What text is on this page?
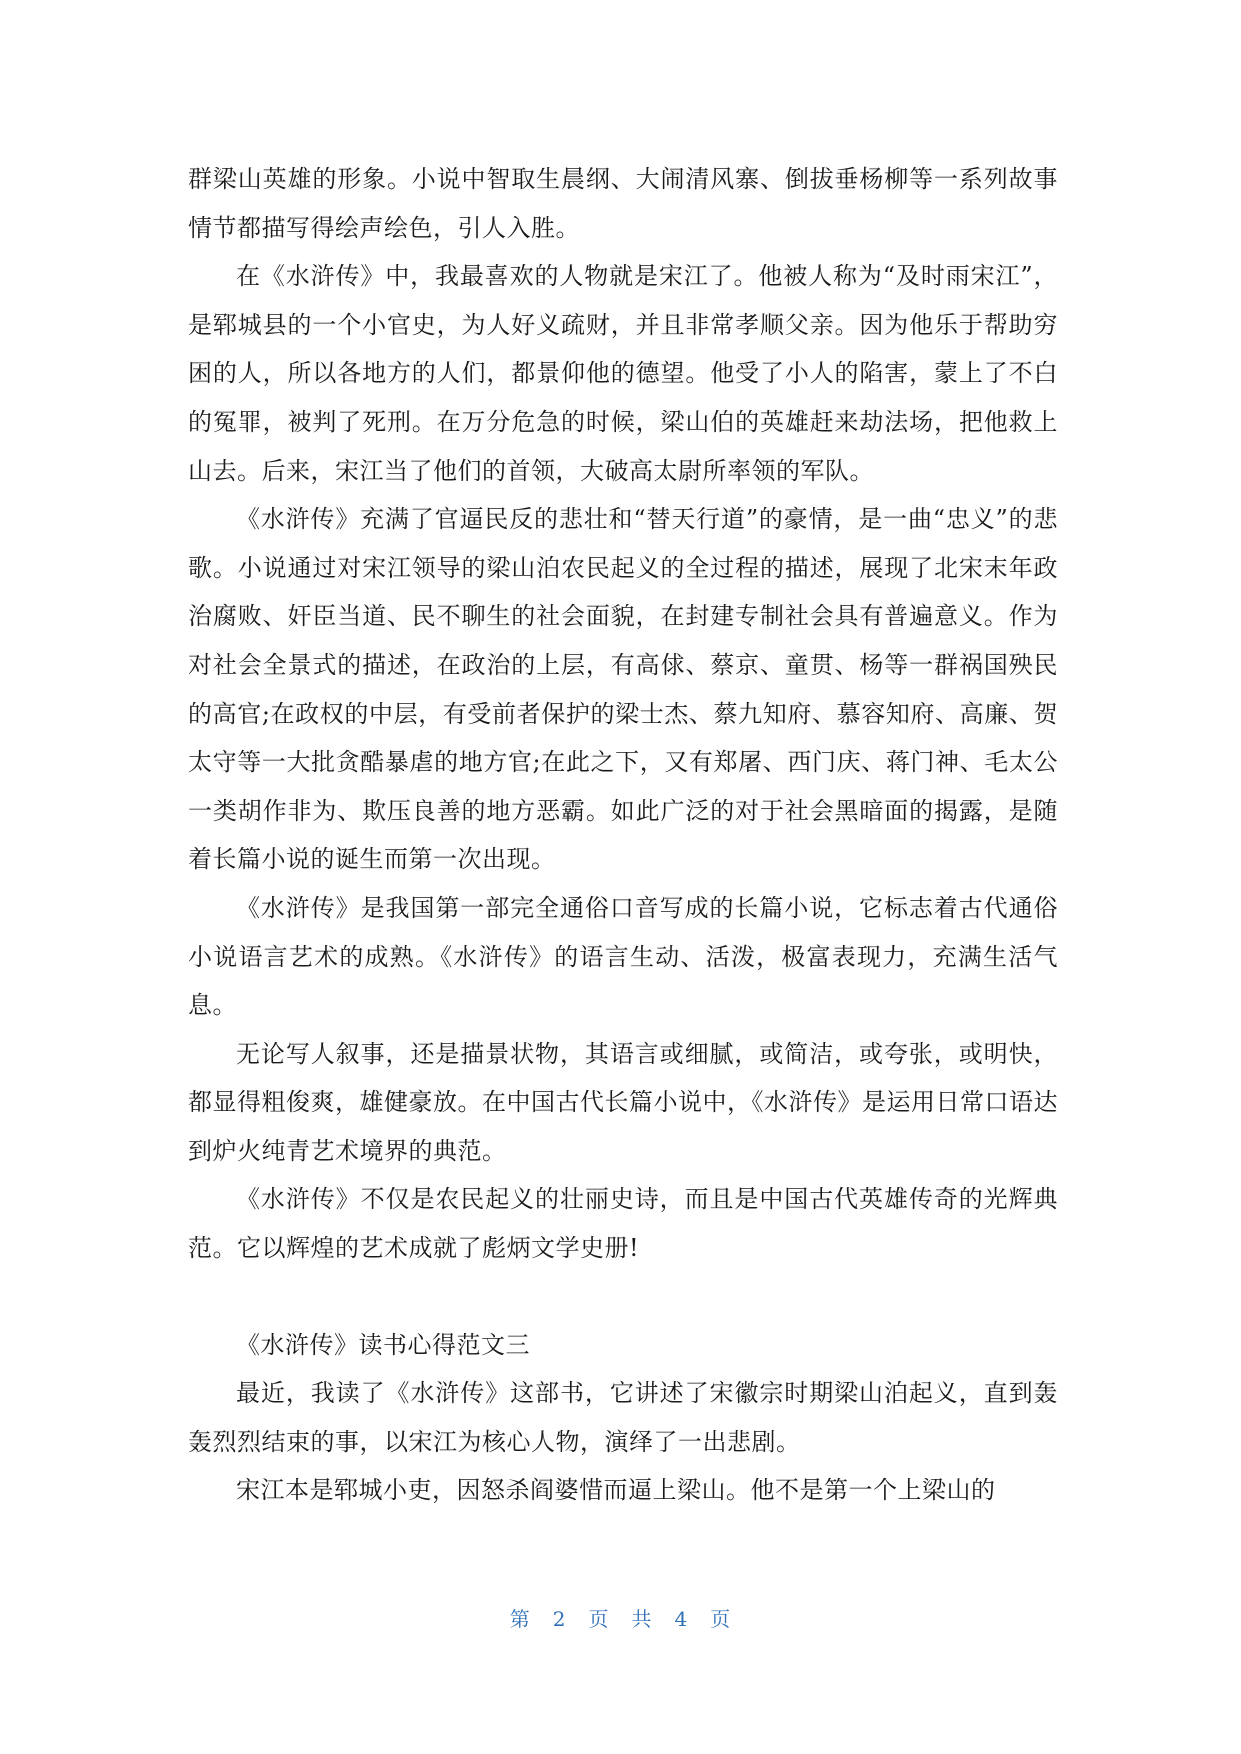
群梁山英雄的形象。小说中智取生晨纲、大闹清风寨、倒拔垂杨柳等一系列故事情节都描写得绘声绘色，引人入胜。

在《水浒传》中，我最喜欢的人物就是宋江了。他被人称为“及时雨宋江”，是郓城县的一个小官史，为人好义疏财，并且非常孝顺父亲。因为他乐于帮助穷困的人，所以各地方的人们，都景仰他的德望。他受了小人的陷害，蒙上了不白的冤罪，被判了死刑。在万分危急的时候，梁山伯的英雄赶来劫法场，把他救上山去。后来，宋江当了他们的首领，大破高太尉所率领的军队。

《水浒传》充满了官逼民反的悲壮和“替天行道”的豪情，是一曲“忠义”的悲歌。小说通过对宋江领导的梁山泊农民起义的全过程的描述，展现了北宋末年政治腐败、奸臣当道、民不聊生的社会面貌，在封建专制社会具有普遍意义。作为对社会全景式的描述，在政治的上层，有高俅、蔡京、童贯、杨等一群祸国殃民的高官;在政权的中层，有受前者保护的梁士杰、蔡九知府、慕容知府、高廉、贺太守等一大批贪酷暴虐的地方官;在此之下，又有郑屠、西门庆、蒋门神、毛太公一类胡作非为、欺压良善的地方恶霸。如此广泛的对于社会黑暗面的揭露，是随着长篇小说的诞生而第一次出现。

《水浒传》是我国第一部完全通俗口音写成的长篇小说，它标志着古代通俗小说语言艺术的成熟。《水浒传》的语言生动、活泼，极富表现力，充满生活气息。

无论写人叙事，还是描景状物，其语言或细腻，或简洁，或夸张，或明快，都显得粗俊爽，雄健豪放。在中国古代长篇小说中，《水浒传》是运用日常口语达到炉火纯青艺术境界的典范。

《水浒传》不仅是农民起义的壮丽史诗，而且是中国古代英雄传奇的光辉典范。它以辉煌的艺术成就了彪炳文学史册!

《水浒传》读书心得范文三

最近，我读了《水浒传》这部书，它讲述了宋徽宗时期梁山泊起义，直到轰轰烈烈结束的事，以宋江为核心人物，演绎了一出悲剧。

宋江本是郓城小吏，因怒杀阎婆惜而逼上梁山。他不是第一个上梁山的

第 2 页 共 4 页
